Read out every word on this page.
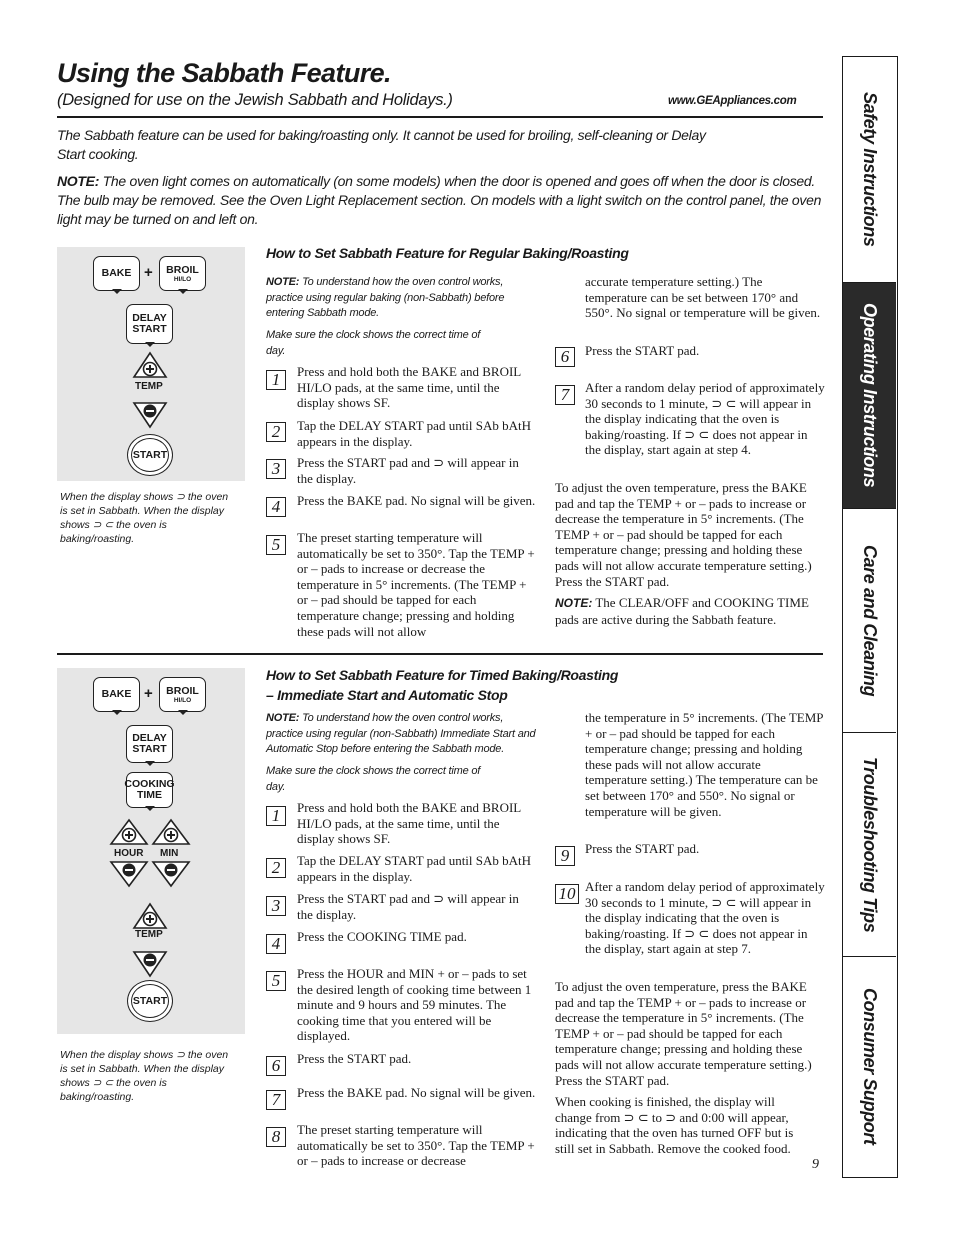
Using the Sabbath Feature.
(Designed for use on the Jewish Sabbath and Holidays.)	www.GEAppliances.com
The Sabbath feature can be used for baking/roasting only. It cannot be used for broiling, self-cleaning or Delay Start cooking.
NOTE: The oven light comes on automatically (on some models) when the door is opened and goes off when the door is closed. The bulb may be removed. See the Oven Light Replacement section. On models with a light switch on the control panel, the oven light may be turned on and left on.
BAKE + BROIL
HI/LO
DELAY
START
TEMP
START
When the display shows ⊃ the oven is set in Sabbath. When the display shows ⊃ ⊂ the oven is baking/roasting.
How to Set Sabbath Feature for Regular Baking/Roasting
NOTE: To understand how the oven control works, practice using regular baking (non-Sabbath) before entering Sabbath mode.
Make sure the clock shows the correct time of day.
1	Press and hold both the BAKE and BROIL HI/LO pads, at the same time, until the display shows SF.
2	Tap the DELAY START pad until SAb bAtH appears in the display.
3	Press the START pad and ⊃ will appear in the display.
4	Press the BAKE pad. No signal will be given.
5	The preset starting temperature will automatically be set to 350°. Tap the TEMP + or – pads to increase or decrease the temperature in 5° increments. (The TEMP + or – pad should be tapped for each temperature change; pressing and holding these pads will not allow
accurate temperature setting.) The temperature can be set between 170° and 550°. No signal or temperature will be given.
6	Press the START pad.
7	After a random delay period of approximately 30 seconds to 1 minute, ⊃ ⊂ will appear in the display indicating that the oven is baking/roasting. If ⊃ ⊂ does not appear in the display, start again at step 4.
To adjust the oven temperature, press the BAKE pad and tap the TEMP + or – pads to increase or decrease the temperature in 5° increments. (The TEMP + or – pad should be tapped for each temperature change; pressing and holding these pads will not allow accurate temperature setting.) Press the START pad.
NOTE: The CLEAR/OFF and COOKING TIME pads are active during the Sabbath feature.
BAKE + BROIL
HI/LO
DELAY
START
COOKING
TIME
HOUR MIN
TEMP
START
When the display shows ⊃ the oven is set in Sabbath. When the display shows ⊃ ⊂ the oven is baking/roasting.
How to Set Sabbath Feature for Timed Baking/Roasting
– Immediate Start and Automatic Stop
NOTE: To understand how the oven control works, practice using regular (non-Sabbath) Immediate Start and Automatic Stop before entering the Sabbath mode.
Make sure the clock shows the correct time of day.
1	Press and hold both the BAKE and BROIL HI/LO pads, at the same time, until the display shows SF.
2	Tap the DELAY START pad until SAb bAtH appears in the display.
3	Press the START pad and ⊃ will appear in the display.
4	Press the COOKING TIME pad.
5	Press the HOUR and MIN + or – pads to set the desired length of cooking time between 1 minute and 9 hours and 59 minutes. The cooking time that you entered will be displayed.
6	Press the START pad.
7	Press the BAKE pad. No signal will be given.
8	The preset starting temperature will automatically be set to 350°. Tap the TEMP + or – pads to increase or decrease
the temperature in 5° increments. (The TEMP + or – pad should be tapped for each temperature change; pressing and holding these pads will not allow accurate temperature setting.) The temperature can be set between 170° and 550°. No signal or temperature will be given.
9	Press the START pad.
10 After a random delay period of approximately 30 seconds to 1 minute, ⊃ ⊂ will appear in the display indicating that the oven is baking/roasting. If ⊃ ⊂ does not appear in the display, start again at step 7.
To adjust the oven temperature, press the BAKE pad and tap the TEMP + or – pads to increase or decrease the temperature in 5° increments. (The TEMP + or – pad should be tapped for each temperature change; pressing and holding these pads will not allow accurate temperature setting.) Press the START pad.
When cooking is finished, the display will change from ⊃ ⊂ to ⊃ and 0:00 will appear, indicating that the oven has turned OFF but is still set in Sabbath. Remove the cooked food.
9
Safety Instructions
Operating Instructions
Care and Cleaning
Troubleshooting Tips
Consumer Support
